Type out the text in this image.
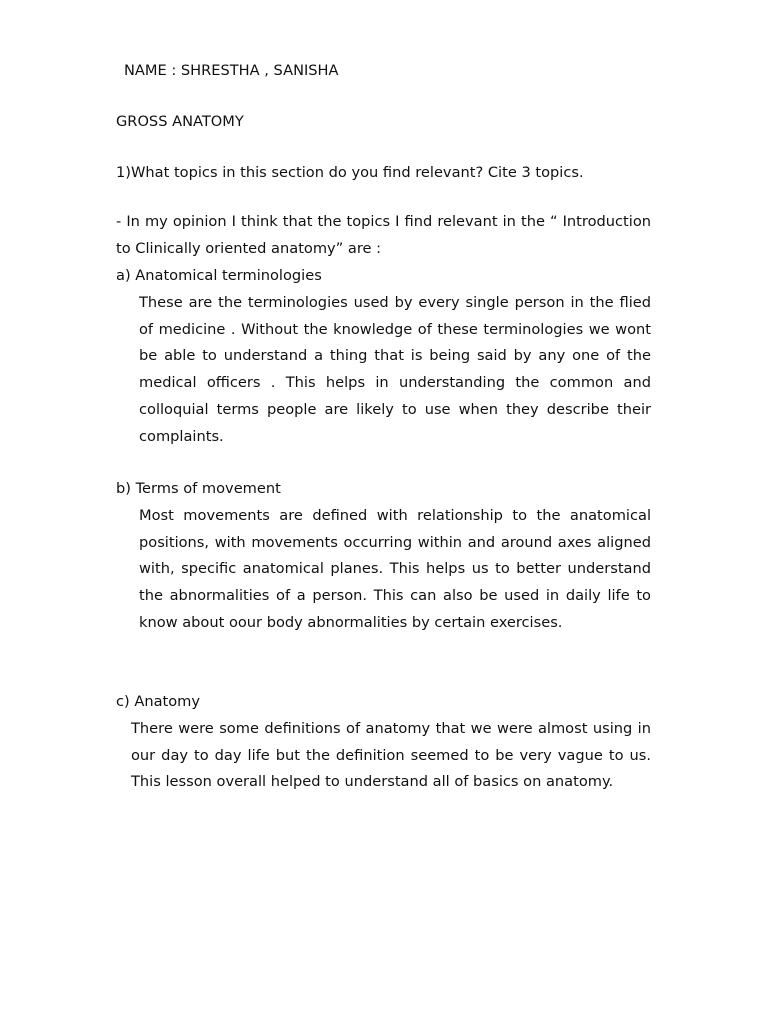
NAME : SHRESTHA , SANISHA
GROSS ANATOMY
1)What topics in this section do you find relevant? Cite 3 topics.

- In my opinion I think that the topics I find relevant in the “ Introduction to Clinically oriented anatomy” are :

a) Anatomical terminologies

These are the terminologies used by every single person in the flied of medicine . Without the knowledge of these terminologies we wont be able to understand a thing that is being said by any one of the medical officers . This helps in understanding the common and colloquial terms people are likely to use when they describe their complaints.

b) Terms of movement

Most movements are defined with relationship to the anatomical positions, with movements occurring within and around axes aligned with, specific anatomical planes. This helps us to better understand the abnormalities of a person. This can also be used in daily life to know about oour body abnormalities by certain exercises.

c) Anatomy

There were some definitions of anatomy that we were almost using in our day to day life but the definition seemed to be very vague to us. This lesson overall helped to understand all of basics on anatomy.
